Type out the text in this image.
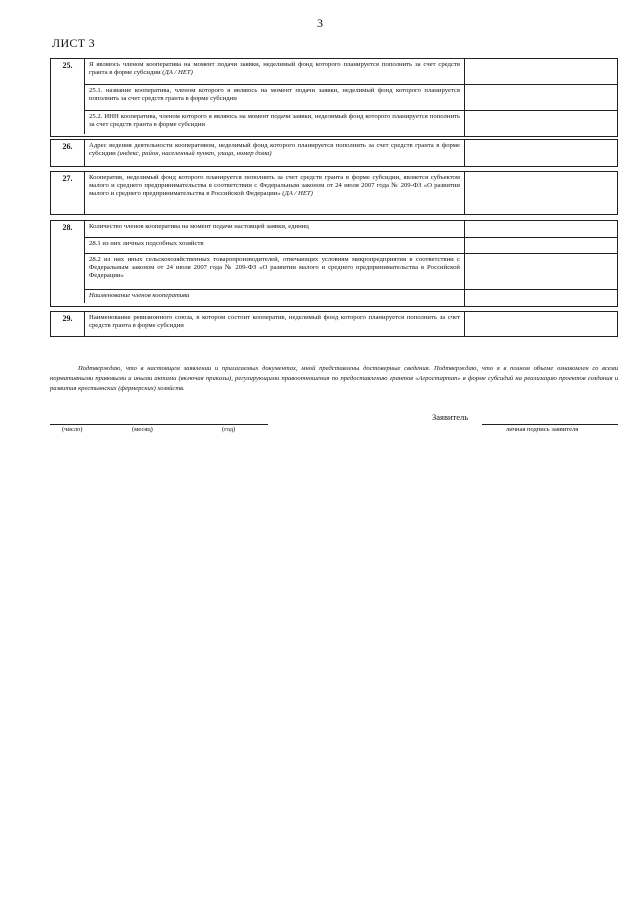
3
ЛИСТ 3
25.	Я являюсь членом кооператива на момент подачи заявки, неделимый фонд которого планируется пополнить за счет средств гранта в форме субсидии (ДА / НЕТ)
25.1. название кооператива, членом которого я являюсь на момент подачи заявки, неделимый фонд которого планируется пополнить за счет средств гранта в форме субсидии
25.2. ИНН кооператива, членом которого я являюсь на момент подачи заявки, неделимый фонд которого планируется пополнить за счет средств гранта в форме субсидии
26.	Адрес ведения деятельности кооперативом, неделимый фонд которого планируется пополнить за счет средств гранта в форме субсидии (индекс, район, населенный пункт, улица, номер дома)
27.	Кооператив, неделимый фонд которого планируется пополнить за счет средств гранта в форме субсидии, является субъектом малого и среднего предпринимательства в соответствии с Федеральным законом от 24 июля 2007 года № 209-ФЗ «О развитии малого и среднего предпринимательства в Российской Федерации» (ДА / НЕТ)
28.	Количество членов кооператива на момент подачи настоящей заявки, единиц
28.1 из них личных подсобных хозяйств
28.2 из них иных сельскохозяйственных товаропроизводителей, отвечающих условиям микропредприятия в соответствии с Федеральным законом от 24 июля 2007 года № 209-ФЗ «О развитии малого и среднего предпринимательства в Российской Федерации»
Наименование членов кооператива
29.	Наименование ревизионного союза, в котором состоит кооператив, неделимый фонд которого планируется пополнить за счет средств гранта в форме субсидии
Подтверждаю, что в настоящем заявлении и прилагаемых документах, мной представлены достоверные сведения. Подтверждаю, что я в полном объеме ознакомлен со всеми нормативными правовыми и иными актами (включая приказы), регулирующими правоотношения по предоставлению грантов «Агростартап» в форме субсидий на реализацию проектов создания и развития крестьянских (фермерских) хозяйств.
Заявитель
(число)	(месяц)	(год)	личная подпись заявителя
